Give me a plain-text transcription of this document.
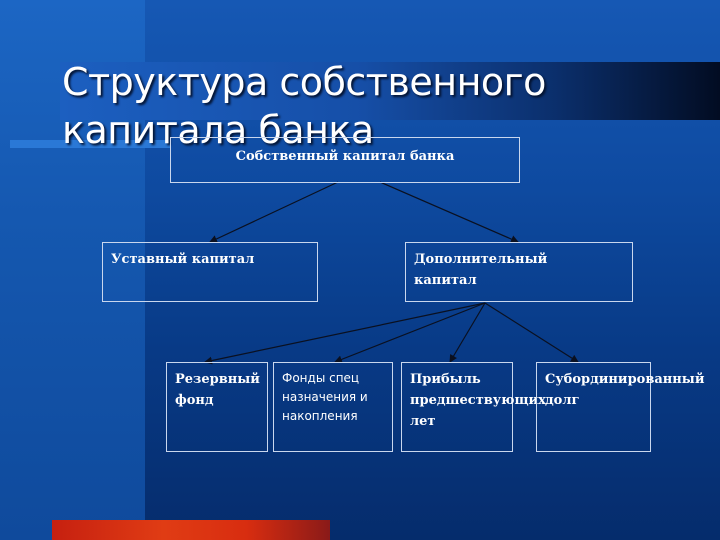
Структура собственного капитала банка
Собственный капитал банка
Уставный капитал	Дополнительный капитал
Резервный фонд
Фонды спец назначения и накопления
Прибыль предшествующих лет
Субординированный долг
